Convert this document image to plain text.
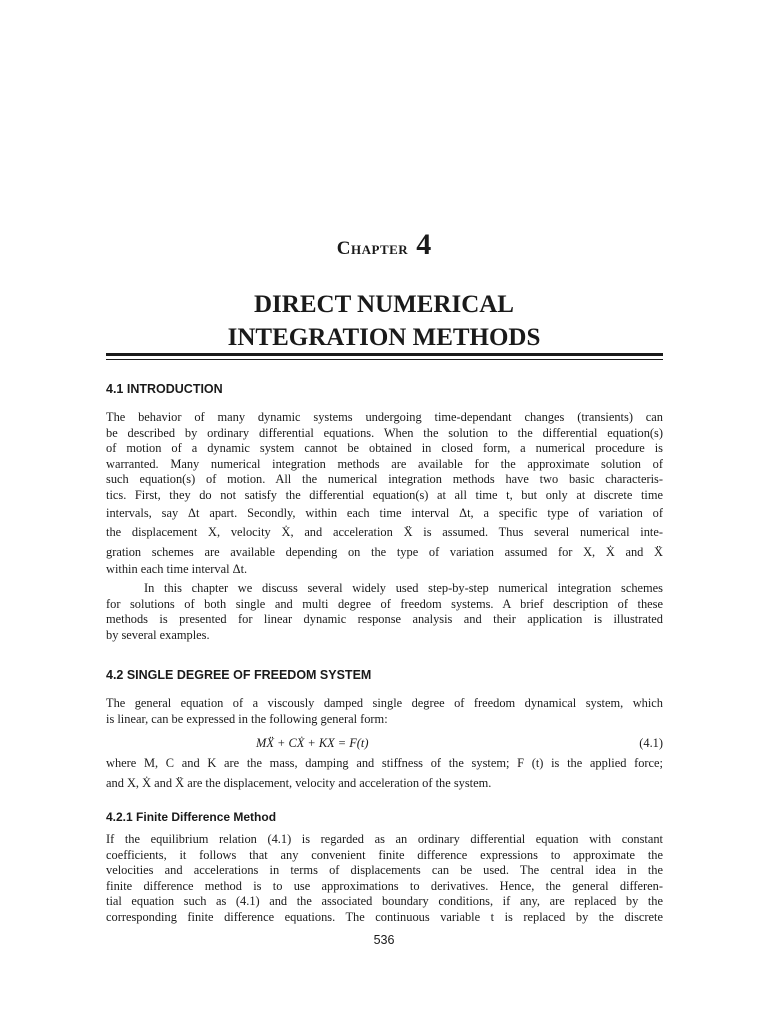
Chapter 4
DIRECT NUMERICAL
INTEGRATION METHODS
4.1 INTRODUCTION
The behavior of many dynamic systems undergoing time-dependant changes (transients) can
be described by ordinary differential equations. When the solution to the differential equation(s)
of motion of a dynamic system cannot be obtained in closed form, a numerical procedure is
warranted. Many numerical integration methods are available for the approximate solution of
such equation(s) of motion. All the numerical integration methods have two basic characteris-
tics. First, they do not satisfy the differential equation(s) at all time t, but only at discrete time
intervals, say Δt apart. Secondly, within each time interval Δt, a specific type of variation of
the displacement X, velocity Ẋ, and acceleration Ẍ is assumed. Thus several numerical inte-
gration schemes are available depending on the type of variation assumed for X, Ẋ and Ẍ
within each time interval Δt.
In this chapter we discuss several widely used step-by-step numerical integration schemes
for solutions of both single and multi degree of freedom systems. A brief description of these
methods is presented for linear dynamic response analysis and their application is illustrated
by several examples.
4.2 SINGLE DEGREE OF FREEDOM SYSTEM
The general equation of a viscously damped single degree of freedom dynamical system, which
is linear, can be expressed in the following general form:
MẌ + CẊ + KX = F(t)	(4.1)
where M, C and K are the mass, damping and stiffness of the system; F (t) is the applied force;
and X, Ẋ and Ẍ are the displacement, velocity and acceleration of the system.
4.2.1 Finite Difference Method
If the equilibrium relation (4.1) is regarded as an ordinary differential equation with constant
coefficients, it follows that any convenient finite difference expressions to approximate the
velocities and accelerations in terms of displacements can be used. The central idea in the
finite difference method is to use approximations to derivatives. Hence, the general differen-
tial equation such as (4.1) and the associated boundary conditions, if any, are replaced by the
corresponding finite difference equations. The continuous variable t is replaced by the discrete
536
